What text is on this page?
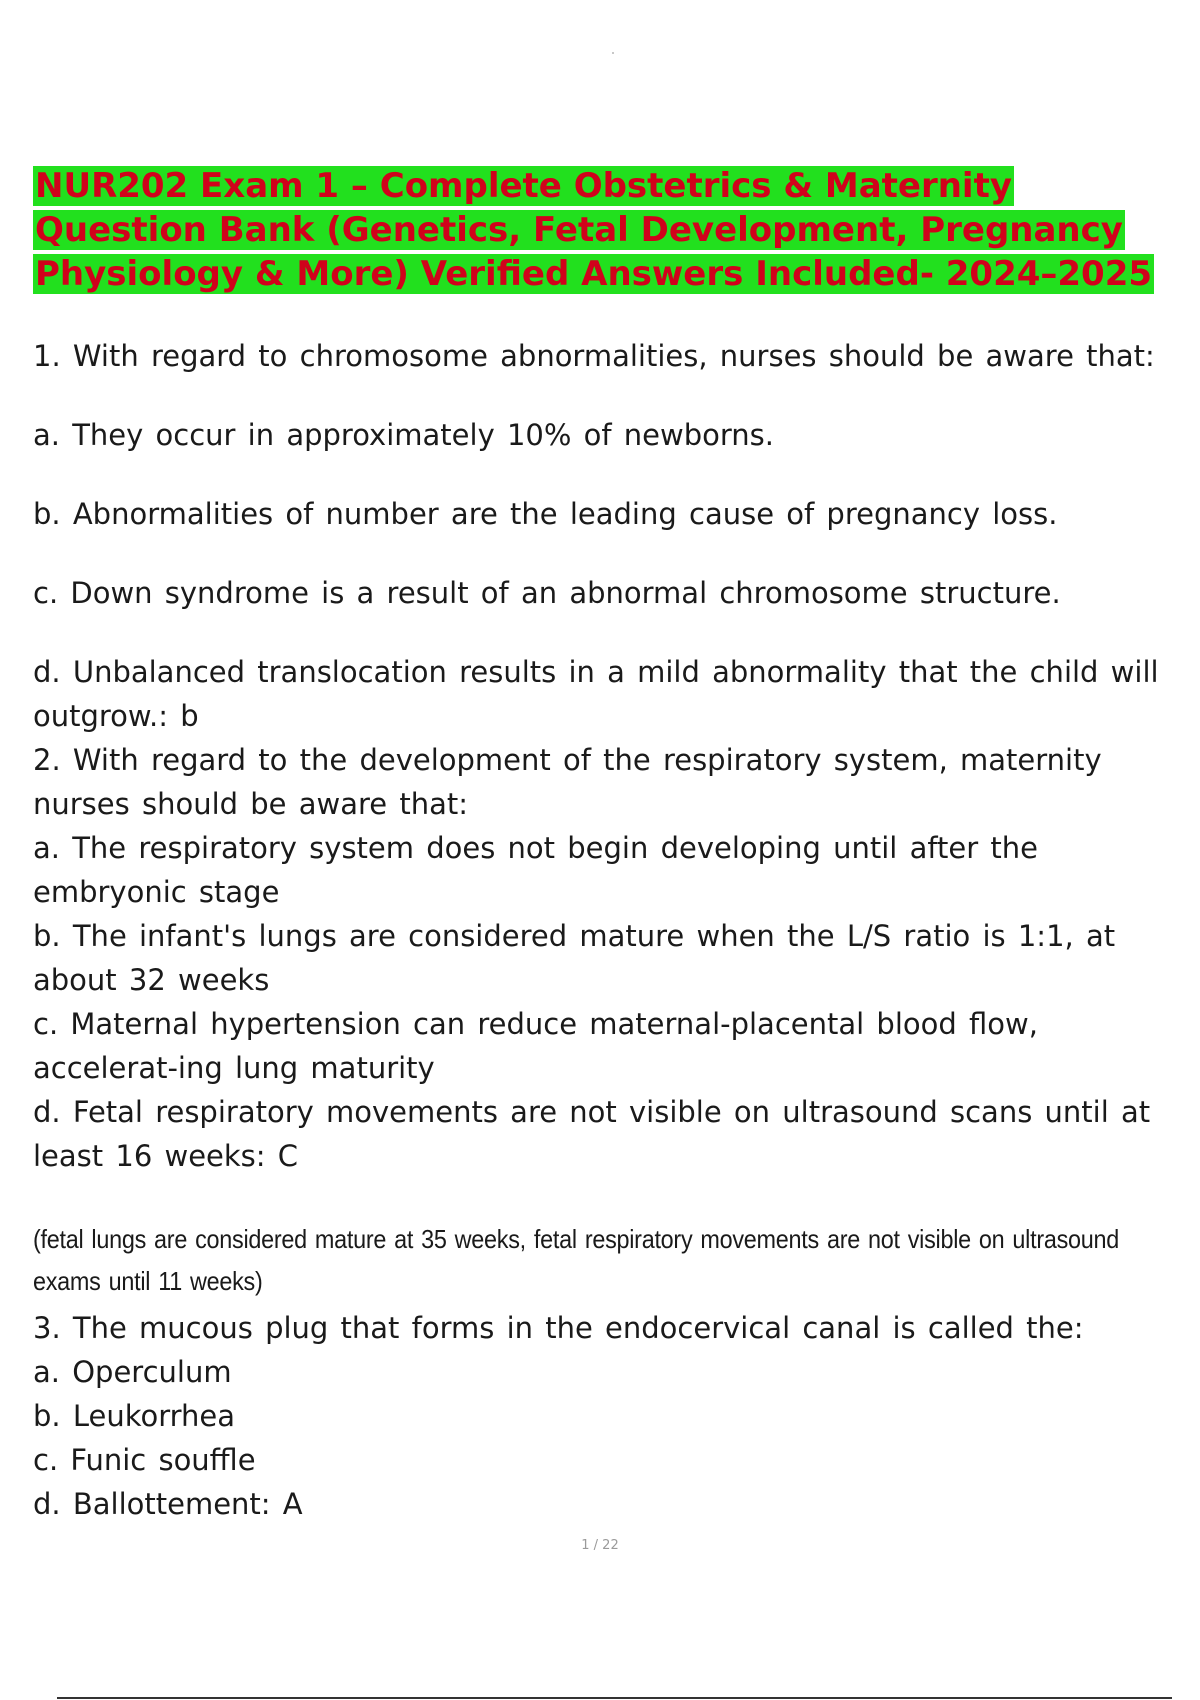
NUR202 Exam 1 – Complete Obstetrics & Maternity Question Bank (Genetics, Fetal Development, Pregnancy Physiology & More) Verified Answers Included- 2024–2025

1. With regard to chromosome abnormalities, nurses should be aware that:

a. They occur in approximately 10% of newborns.

b. Abnormalities of number are the leading cause of pregnancy loss.

c. Down syndrome is a result of an abnormal chromosome structure.

d. Unbalanced translocation results in a mild abnormality that the child will outgrow.: b

2. With regard to the development of the respiratory system, maternity nurses should be aware that:

a. The respiratory system does not begin developing until after the embryonic stage

b. The infant's lungs are considered mature when the L/S ratio is 1:1, at about 32 weeks

c. Maternal hypertension can reduce maternal-placental blood flow, accelerat-ing lung maturity

d. Fetal respiratory movements are not visible on ultrasound scans until at least 16 weeks: C

(fetal lungs are considered mature at 35 weeks, fetal respiratory movements are not visible on ultrasound exams until 11 weeks)

3. The mucous plug that forms in the endocervical canal is called the:

a. Operculum

b. Leukorrhea

c. Funic souffle

d. Ballottement: A

1 / 22
